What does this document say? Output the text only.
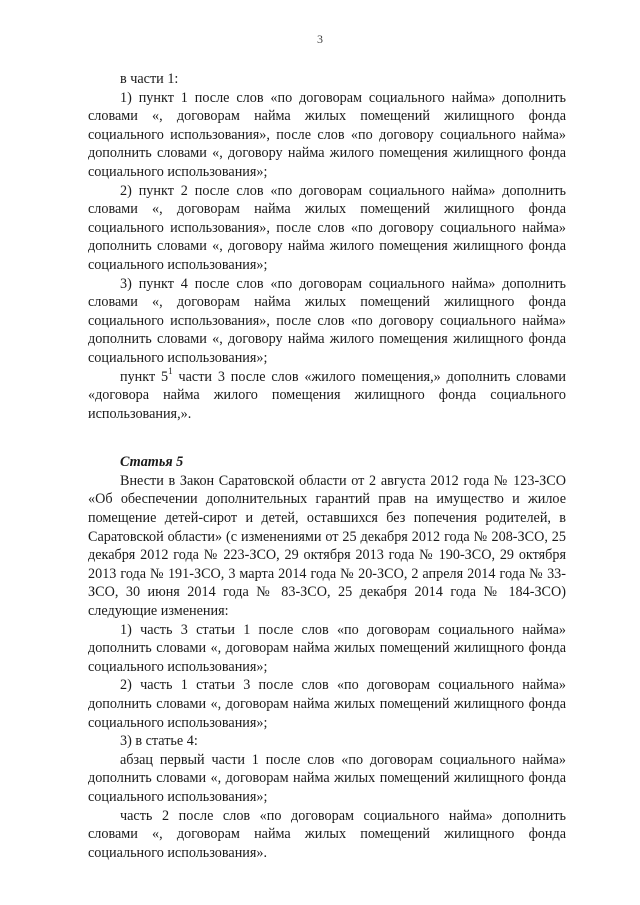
3

в части 1:

1) пункт 1 после слов «по договорам социального найма» дополнить словами «, договорам найма жилых помещений жилищного фонда социального использования», после слов «по договору социального найма» дополнить словами «, договору найма жилого помещения жилищного фонда социального использования»;

2) пункт 2 после слов «по договорам социального найма» дополнить словами «, договорам найма жилых помещений жилищного фонда социального использования», после слов «по договору социального найма» дополнить словами «, договору найма жилого помещения жилищного фонда социального использования»;

3) пункт 4 после слов «по договорам социального найма» дополнить словами «, договорам найма жилых помещений жилищного фонда социального использования», после слов «по договору социального найма» дополнить словами «, договору найма жилого помещения жилищного фонда социального использования»;

пункт $5^1$ части 3 после слов «жилого помещения,» дополнить словами «договора найма жилого помещения жилищного фонда социального использования,».

Статья 5

Внести в Закон Саратовской области от 2 августа 2012 года № 123-ЗСО «Об обеспечении дополнительных гарантий прав на имущество и жилое помещение детей-сирот и детей, оставшихся без попечения родителей, в Саратовской области» (с изменениями от 25 декабря 2012 года № 208-ЗСО, 25 декабря 2012 года № 223-ЗСО, 29 октября 2013 года № 190-ЗСО, 29 октября 2013 года № 191-ЗСО, 3 марта 2014 года № 20-ЗСО, 2 апреля 2014 года № 33-ЗСО, 30 июня 2014 года № 83-ЗСО, 25 декабря 2014 года № 184-ЗСО) следующие изменения:

1) часть 3 статьи 1 после слов «по договорам социального найма» дополнить словами «, договорам найма жилых помещений жилищного фонда социального использования»;

2) часть 1 статьи 3 после слов «по договорам социального найма» дополнить словами «, договорам найма жилых помещений жилищного фонда социального использования»;

3) в статье 4:

абзац первый части 1 после слов «по договорам социального найма» дополнить словами «, договорам найма жилых помещений жилищного фонда социального использования»;

часть 2 после слов «по договорам социального найма» дополнить словами «, договорам найма жилых помещений жилищного фонда социального использования».
